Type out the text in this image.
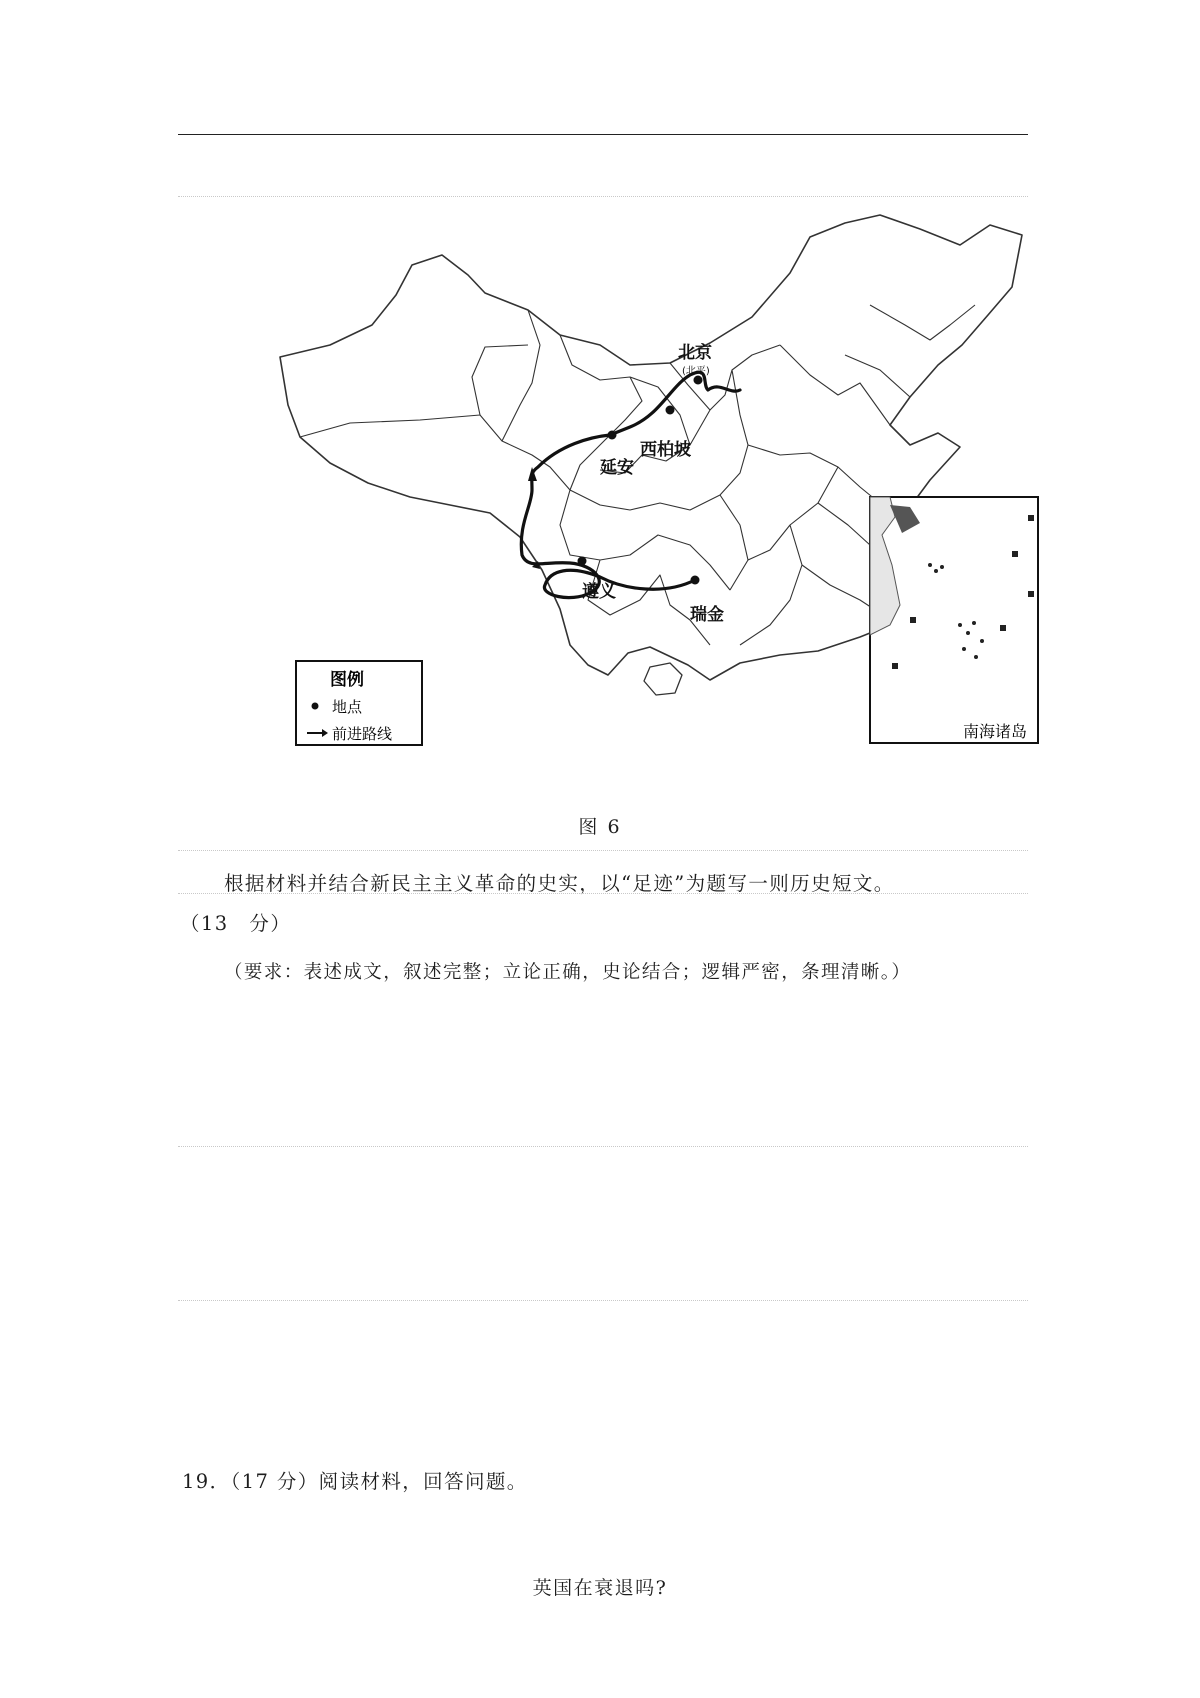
北京
(北平)
西柏坡
延安
遵义
瑞金
图例
地点
前进路线	南海诸岛
图 6
根据材料并结合新民主主义革命的史实，以“足迹”为题写一则历史短文。
（13　分）
（要求：表述成文，叙述完整；立论正确，史论结合；逻辑严密，条理清晰。）
19．（17 分）阅读材料，回答问题。
英国在衰退吗?
